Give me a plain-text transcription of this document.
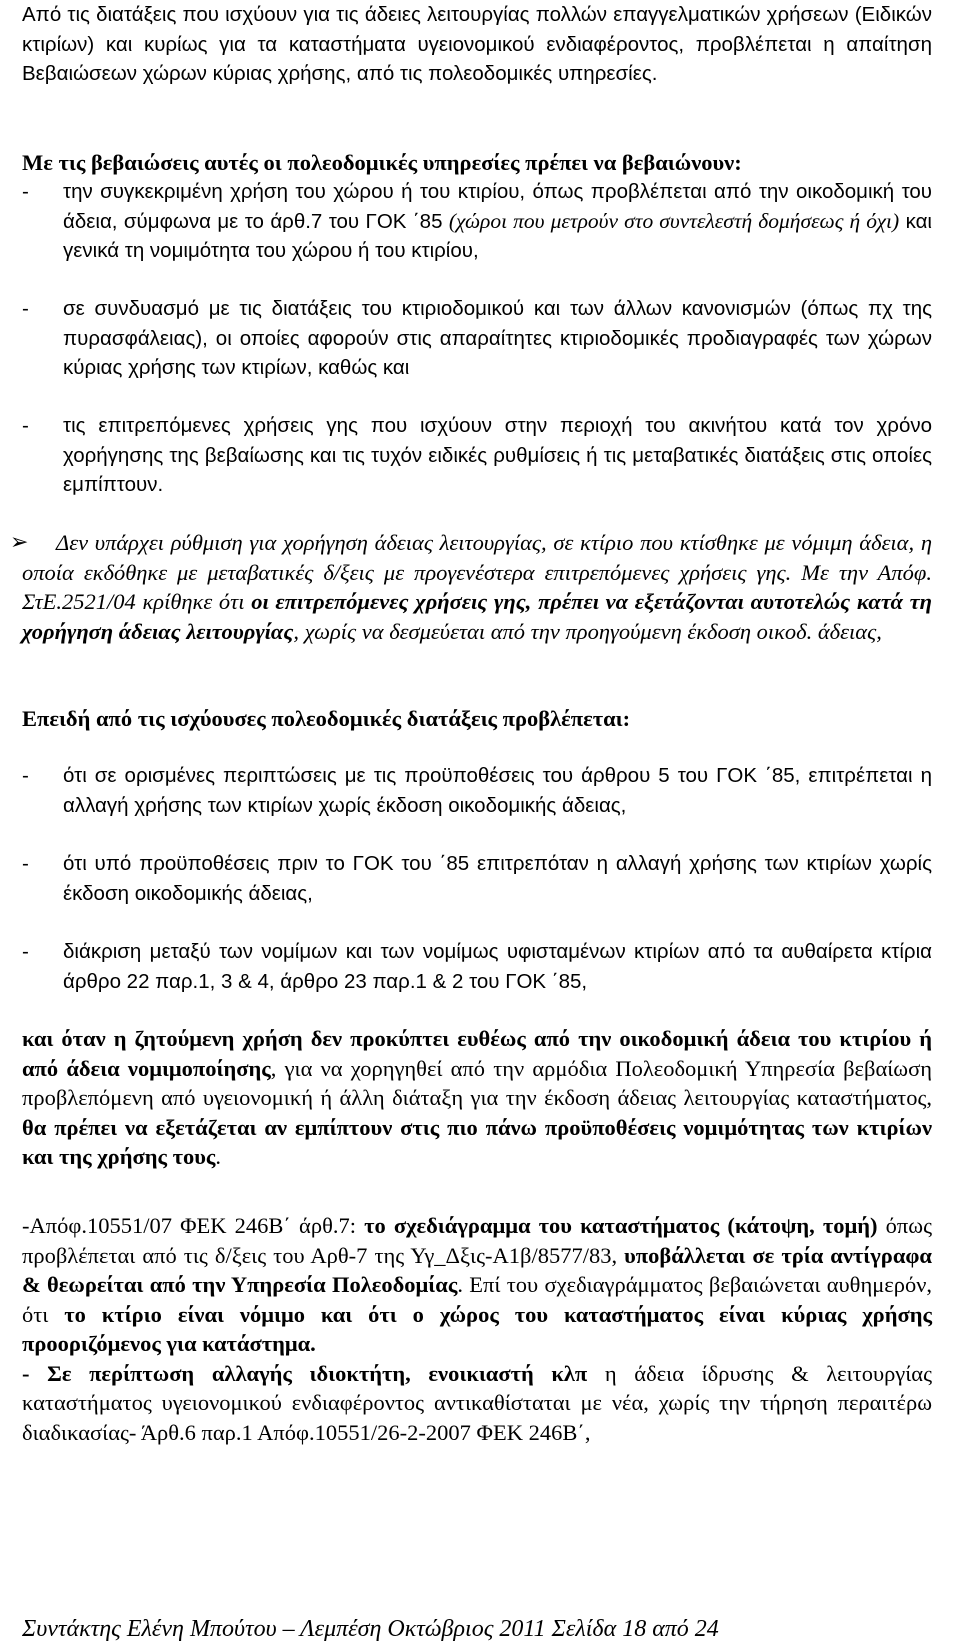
Από τις διατάξεις που ισχύουν για τις άδειες λειτουργίας πολλών επαγγελματικών χρήσεων (Ειδικών κτιρίων) και κυρίως για τα καταστήματα υγειονομικού ενδιαφέροντος, προβλέπεται η απαίτηση Βεβαιώσεων χώρων κύριας χρήσης, από τις πολεοδομικές υπηρεσίες.

Με τις βεβαιώσεις αυτές οι πολεοδομικές υπηρεσίες πρέπει να βεβαιώνουν:

-	την συγκεκριμένη χρήση του χώρου ή του κτιρίου, όπως προβλέπεται από την οικοδομική του άδεια, σύμφωνα με το άρθ.7 του ΓΟΚ ΄85 (χώροι που μετρούν στο συντελεστή δομήσεως ή όχι) και γενικά τη νομιμότητα του χώρου ή του κτιρίου,

-	σε συνδυασμό με τις διατάξεις του κτιριοδομικού και των άλλων κανονισμών (όπως πχ της πυρασφάλειας), οι οποίες αφορούν στις απαραίτητες κτιριοδομικές προδιαγραφές των χώρων κύριας χρήσης των κτιρίων, καθώς και

-	τις επιτρεπόμενες χρήσεις γης που ισχύουν στην περιοχή του ακινήτου κατά τον χρόνο χορήγησης της βεβαίωσης και τις τυχόν ειδικές ρυθμίσεις ή τις μεταβατικές διατάξεις στις οποίες εμπίπτουν.

➢	Δεν υπάρχει ρύθμιση για χορήγηση άδειας λειτουργίας, σε κτίριο που κτίσθηκε με νόμιμη άδεια, η οποία εκδόθηκε με μεταβατικές δ/ξεις με προγενέστερα επιτρεπόμενες χρήσεις γης. Με την Απόφ. ΣτΕ.2521/04 κρίθηκε ότι οι επιτρεπόμενες χρήσεις γης, πρέπει να εξετάζονται αυτοτελώς κατά τη χορήγηση άδειας λειτουργίας, χωρίς να δεσμεύεται από την προηγούμενη έκδοση οικοδ. άδειας,

Επειδή από τις ισχύουσες πολεοδομικές διατάξεις προβλέπεται:

-	ότι σε ορισμένες περιπτώσεις με τις προϋποθέσεις του άρθρου 5 του ΓΟΚ ΄85, επιτρέπεται η αλλαγή χρήσης των κτιρίων χωρίς έκδοση οικοδομικής άδειας,

-	ότι υπό προϋποθέσεις πριν το ΓΟΚ του ΄85 επιτρεπόταν η αλλαγή χρήσης των κτιρίων χωρίς έκδοση οικοδομικής άδειας,

-	διάκριση μεταξύ των νομίμων και των νομίμως υφισταμένων κτιρίων από τα αυθαίρετα κτίρια άρθρο 22 παρ.1, 3 & 4, άρθρο 23 παρ.1 & 2 του ΓΟΚ ΄85,

και όταν η ζητούμενη χρήση δεν προκύπτει ευθέως από την οικοδομική άδεια του κτιρίου ή από άδεια νομιμοποίησης, για να χορηγηθεί από την αρμόδια Πολεοδομική Υπηρεσία βεβαίωση προβλεπόμενη από υγειονομική ή άλλη διάταξη για την έκδοση άδειας λειτουργίας καταστήματος, θα πρέπει να εξετάζεται αν εμπίπτουν στις πιο πάνω προϋποθέσεις νομιμότητας των κτιρίων και της χρήσης τους.

-Απόφ.10551/07 ΦΕΚ 246Β΄ άρθ.7: το σχεδιάγραμμα του καταστήματος (κάτοψη, τομή) όπως προβλέπεται από τις δ/ξεις του Αρθ-7 της Υγ_Δξις-Α1β/8577/83, υποβάλλεται σε τρία αντίγραφα & θεωρείται από την Υπηρεσία Πολεοδομίας. Επί του σχεδιαγράμματος βεβαιώνεται αυθημερόν, ότι το κτίριο είναι νόμιμο και ότι ο χώρος του καταστήματος είναι κύριας χρήσης προοριζόμενος για κατάστημα.
- Σε περίπτωση αλλαγής ιδιοκτήτη, ενοικιαστή κλπ η άδεια ίδρυσης & λειτουργίας καταστήματος υγειονομικού ενδιαφέροντος αντικαθίσταται με νέα, χωρίς την τήρηση περαιτέρω διαδικασίας- Άρθ.6 παρ.1 Απόφ.10551/26-2-2007 ΦΕΚ 246Β΄,

Συντάκτης Ελένη Μπούτου – Λεμπέση Οκτώβριος 2011 Σελίδα 18 από 24
